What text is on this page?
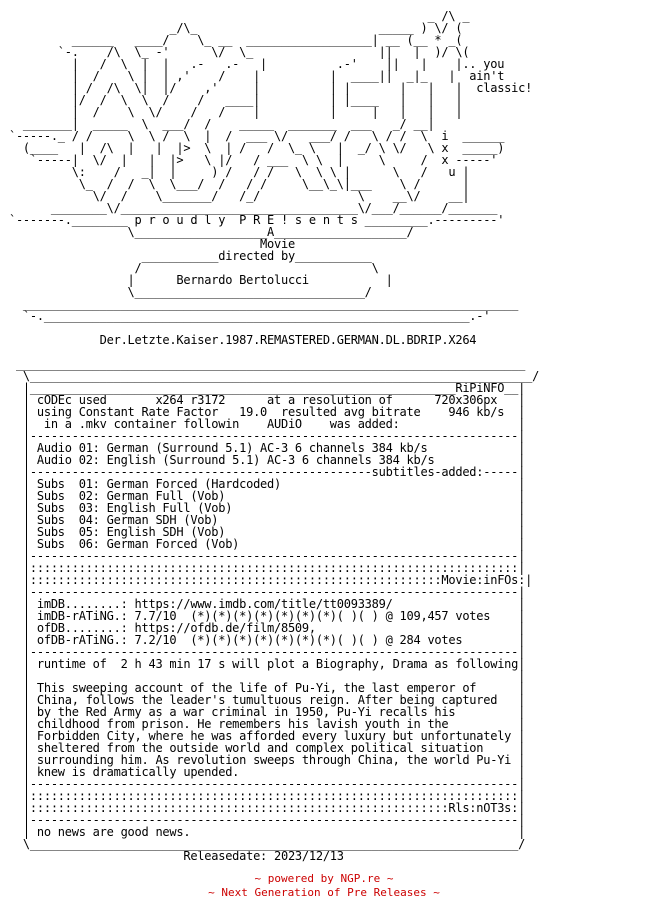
_ /\ _
_/\_                          _____ ) \/ (
______   ____/    \_ __  __________________| __ (__ * _(
`-.    /\  \_ -'      \/  \_                  ||   |  )/ \(
|   /  \  |  |   .-   .-   |          .-'    ||   |    |.. you
|  /    \ |  | ,'    /    |          |  ____||  _|_   |  ain't
| /  /\  \|  |/    ,'     |          | |       |   |   |  classic!
|/  /  \  \  /    /   ____|          | |____   |   |   |
|  /    \  \/    /   /    |          |     |   |   |   |
_______|  _____  \  ___/  /    _____  _______  ___   _/ __|
`-----._ / /     \  \ /  \  |  /  ___ \/   ___/ /   \ / /  \  i  ______
(____   |  /\  |   |  |>  \  | /   /  \_ \   |  _/ \ \/   \ x  _____)
`-----|  \/  |   |  |>   \ |/   / ___  \ \  |     \     /  x -----'
\:    /   _|  |     ) /   / /   \  \ \ |      \   /   u |
\_  /  /  \  \___/  /   / /     \__\_\|___    \ /      |
\/  /    \_______/   /_/              \    __\/    __|
________\/__________________________________\/___/______/_______
`-------.________ p r o u d l y  P R E ! s e n t s _________.---------'
\___________________A___________________/
Movie
___________directed by___________
/                                 \
|      Bernardo Bertolucci           |
\_________________________________/
_______________________________________________________________________
`-._____________________________________________________________.-'

Der.Letzte.Kaiser.1987.REMASTERED.GERMAN.DL.BDRIP.X264

_________________________________________________________________________
\________________________________________________________________________/
|_____________________________________________________________RiPiNFO__|
| cODEc used       x264 r3172      at a resolution of      720x306px   |
| using Constant Rate Factor   19.0  resulted avg bitrate    946 kb/s  |
|  in a .mkv container followin    AUDiO    was added:                 |
|----------------------------------------------------------------------|
| Audio 01: German (Surround 5.1) AC-3 6 channels 384 kb/s             |
| Audio 02: English (Surround 5.1) AC-3 6 channels 384 kb/s            |
|-------------------------------------------------subtitles-added:-----|
| Subs  01: German Forced (Hardcoded)                                  |
| Subs  02: German Full (Vob)                                          |
| Subs  03: English Full (Vob)                                         |
| Subs  04: German SDH (Vob)                                           |
| Subs  05: English SDH (Vob)                                          |
| Subs  06: German Forced (Vob)                                        |
|----------------------------------------------------------------------|
|::::::::::::::::::::::::::::::::::::::::::::::::::::::::::::::::::::::|
|:::::::::::::::::::::::::::::::::::::::::::::::::::::::::::Movie:inFOs:|
|----------------------------------------------------------------------|
| imDB........: https://www.imdb.com/title/tt0093389/                  |
| imDB-rATiNG.: 7.7/10  (*)(*)(*)(*)(*)(*)(*)( )( ) @ 109,457 votes    |
| ofDB........: https://ofdb.de/film/8509,                             |
| ofDB-rATiNG.: 7.2/10  (*)(*)(*)(*)(*)(*)(*)( )( ) @ 284 votes        |
|----------------------------------------------------------------------|
| runtime of  2 h 43 min 17 s will plot a Biography, Drama as following|
|                                                                      |
| This sweeping account of the life of Pu-Yi, the last emperor of      |
| China, follows the leader's tumultuous reign. After being captured   |
| by the Red Army as a war criminal in 1950, Pu-Yi recalls his         |
| childhood from prison. He remembers his lavish youth in the          |
| Forbidden City, where he was afforded every luxury but unfortunately |
| sheltered from the outside world and complex political situation     |
| surrounding him. As revolution sweeps through China, the world Pu-Yi |
| knew is dramatically upended.                                        |
|----------------------------------------------------------------------|
|::::::::::::::::::::::::::::::::::::::::::::::::::::::::::::::::::::::|
|::::::::::::::::::::::::::::::::::::::::::::::::::::::::::::Rls:nOT3s:|
|----------------------------------------------------------------------|
| no news are good news.                                               |
\______________________________________________________________________/
Releasedate: 2023/12/13

~ powered by NGP.re ~
~ Next Generation of Pre Releases ~
